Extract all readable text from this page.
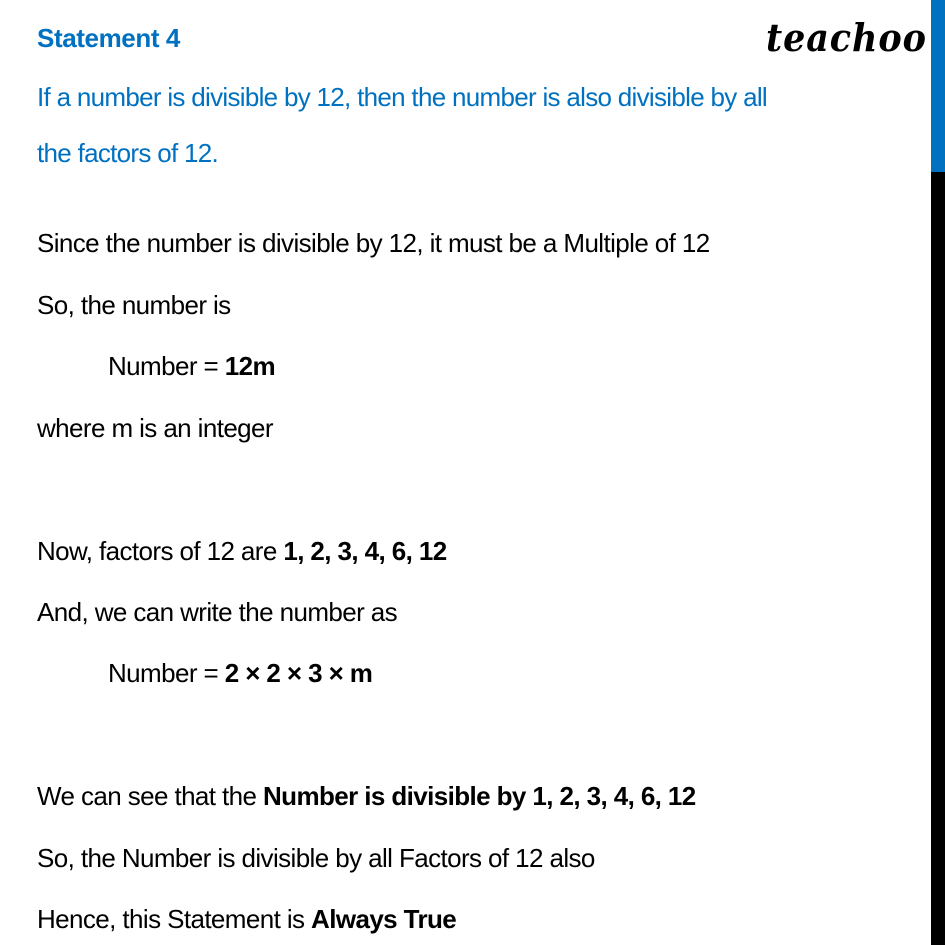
teachoo
Statement 4
If a number is divisible by 12, then the number is also divisible by all
the factors of 12.
Since the number is divisible by 12, it must be a Multiple of 12
So, the number is
Number = 12m
where m is an integer
Now, factors of 12 are 1, 2, 3, 4, 6, 12
And, we can write the number as
Number = 2 × 2 × 3 × m
We can see that the Number is divisible by 1, 2, 3, 4, 6, 12
So, the Number is divisible by all Factors of 12 also
Hence, this Statement is Always True
